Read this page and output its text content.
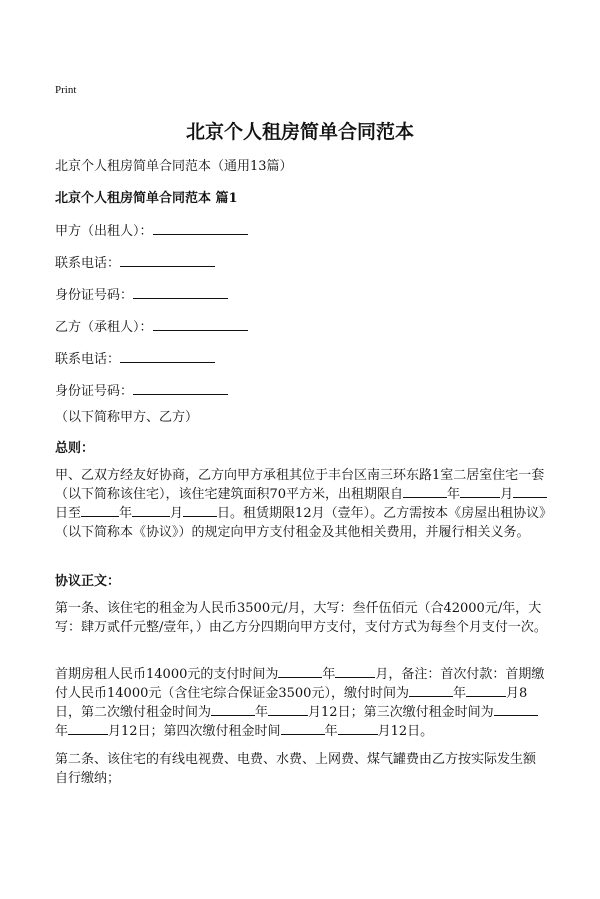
Print
北京个人租房简单合同范本
北京个人租房简单合同范本（通用13篇）
北京个人租房简单合同范本 篇1
甲方（出租人）：
联系电话：
身份证号码：
乙方（承租人）：
联系电话：
身份证号码：
（以下简称甲方、乙方）
总则：
甲、乙双方经友好协商，乙方向甲方承租其位于丰台区南三环东路1室二居室住宅一套（以下简称该住宅），该住宅建筑面积70平方米，出租期限自	年	月日至	年	月	日。租赁期限12月（壹年）。乙方需按本《房屋出租协议》（以下简称本《协议》）的规定向甲方支付租金及其他相关费用，并履行相关义务。
协议正文：
第一条、该住宅的租金为人民币3500元/月，大写：叁仟伍佰元（合42000元/年，大写：肆万贰仟元整/壹年，）由乙方分四期向甲方支付，支付方式为每叁个月支付一次。
首期房租人民币14000元的支付时间为	年	月，备注：首次付款：首期缴付人民币14000元（含住宅综合保证金3500元），缴付时间为	年	月8日，第二次缴付租金时间为	年	月12日；第三次缴付租金时间为年	月12日；第四次缴付租金时间	年	月12日。
第二条、该住宅的有线电视费、电费、水费、上网费、煤气罐费由乙方按实际发生额自行缴纳；
